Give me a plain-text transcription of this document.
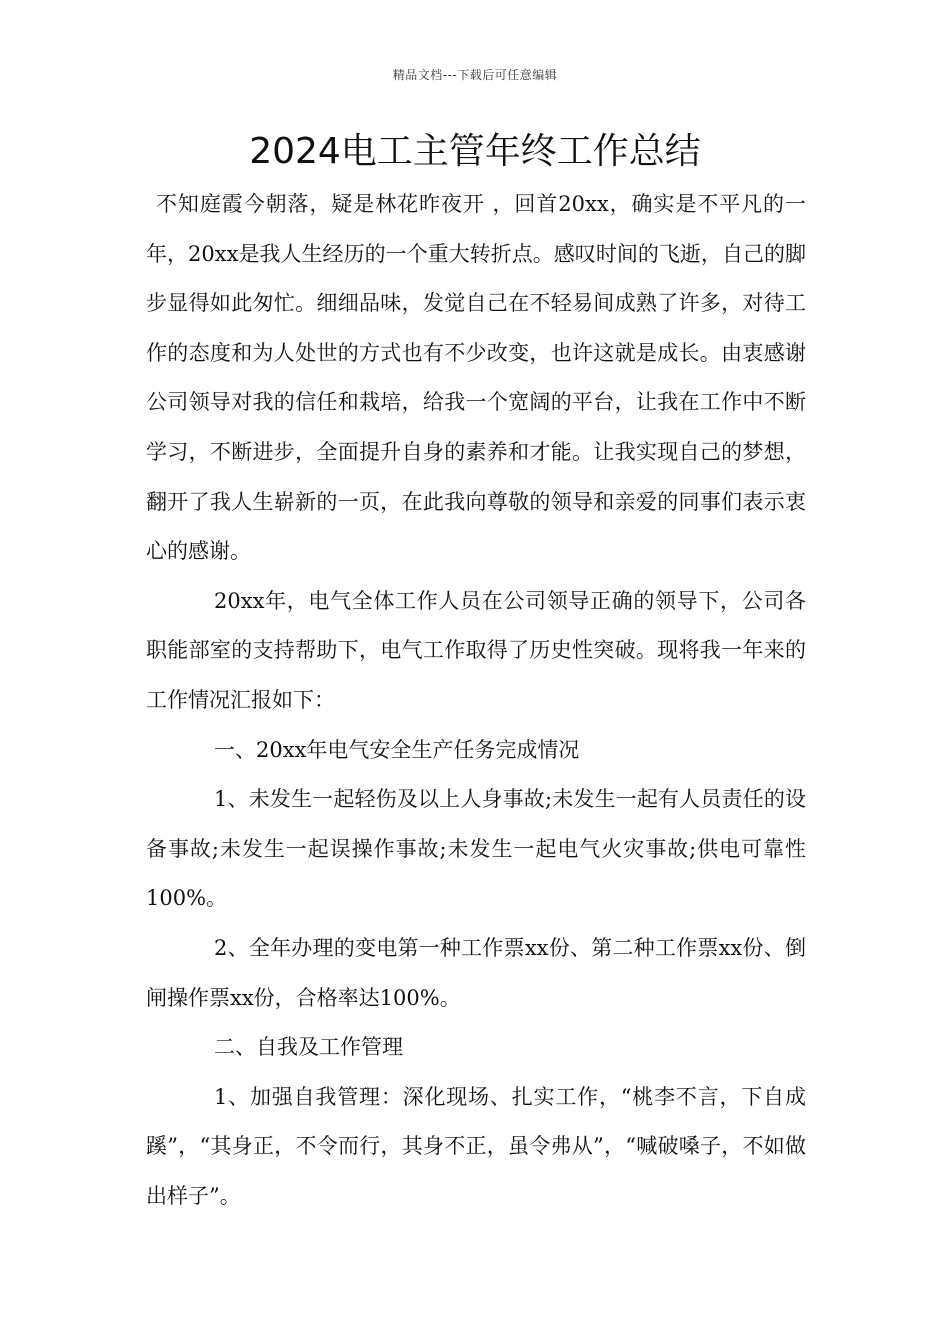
精品文档---下载后可任意编辑
2024电工主管年终工作总结

不知庭霞今朝落，疑是林花昨夜开 ，回首20xx，确实是不平凡的一年，20xx是我人生经历的一个重大转折点。感叹时间的飞逝，自己的脚步显得如此匆忙。细细品味，发觉自己在不轻易间成熟了许多，对待工作的态度和为人处世的方式也有不少改变，也许这就是成长。由衷感谢公司领导对我的信任和栽培，给我一个宽阔的平台，让我在工作中不断学习，不断进步，全面提升自身的素养和才能。让我实现自己的梦想，翻开了我人生崭新的一页，在此我向尊敬的领导和亲爱的同事们表示衷心的感谢。

20xx年，电气全体工作人员在公司领导正确的领导下，公司各职能部室的支持帮助下，电气工作取得了历史性突破。现将我一年来的工作情况汇报如下：

一、20xx年电气安全生产任务完成情况

1、未发生一起轻伤及以上人身事故;未发生一起有人员责任的设备事故;未发生一起误操作事故;未发生一起电气火灾事故;供电可靠性100%。

2、全年办理的变电第一种工作票xx份、第二种工作票xx份、倒闸操作票xx份，合格率达100%。

二、自我及工作管理

1、加强自我管理：深化现场、扎实工作，“桃李不言，下自成蹊”，“其身正，不令而行，其身不正，虽令弗从”，“喊破嗓子，不如做出样子”。
